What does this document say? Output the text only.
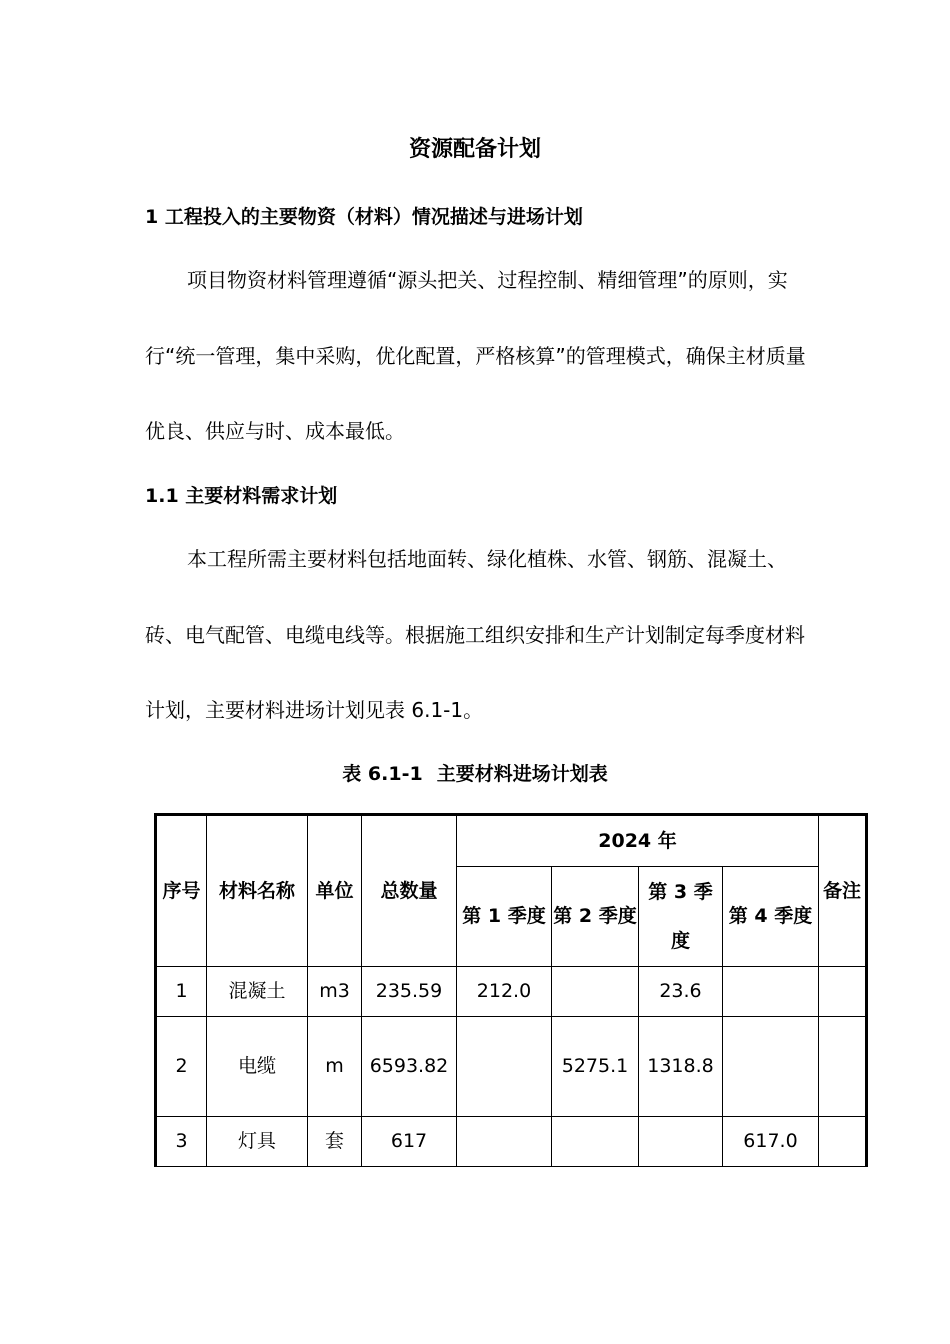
资源配备计划
1 工程投入的主要物资（材料）情况描述与进场计划

项目物资材料管理遵循“源头把关、过程控制、精细管理”的原则，实行“统一管理，集中采购，优化配置，严格核算”的管理模式，确保主材质量优良、供应与时、成本最低。

1.1 主要材料需求计划

本工程所需主要材料包括地面转、绿化植株、水管、钢筋、混凝土、砖、电气配管、电缆电线等。根据施工组织安排和生产计划制定每季度材料计划，主要材料进场计划见表 6.1-1。

表 6.1-1 主要材料进场计划表
序号	材料名称	单位	总数量	2024 年				备注
				第 1 季度	第 2 季度	第 3 季度	第 4 季度	
1	混凝土	m3	235.59	212.0		23.6		
2	电缆	m	6593.82		5275.1	1318.8		
3	灯具	套	617				617.0	
